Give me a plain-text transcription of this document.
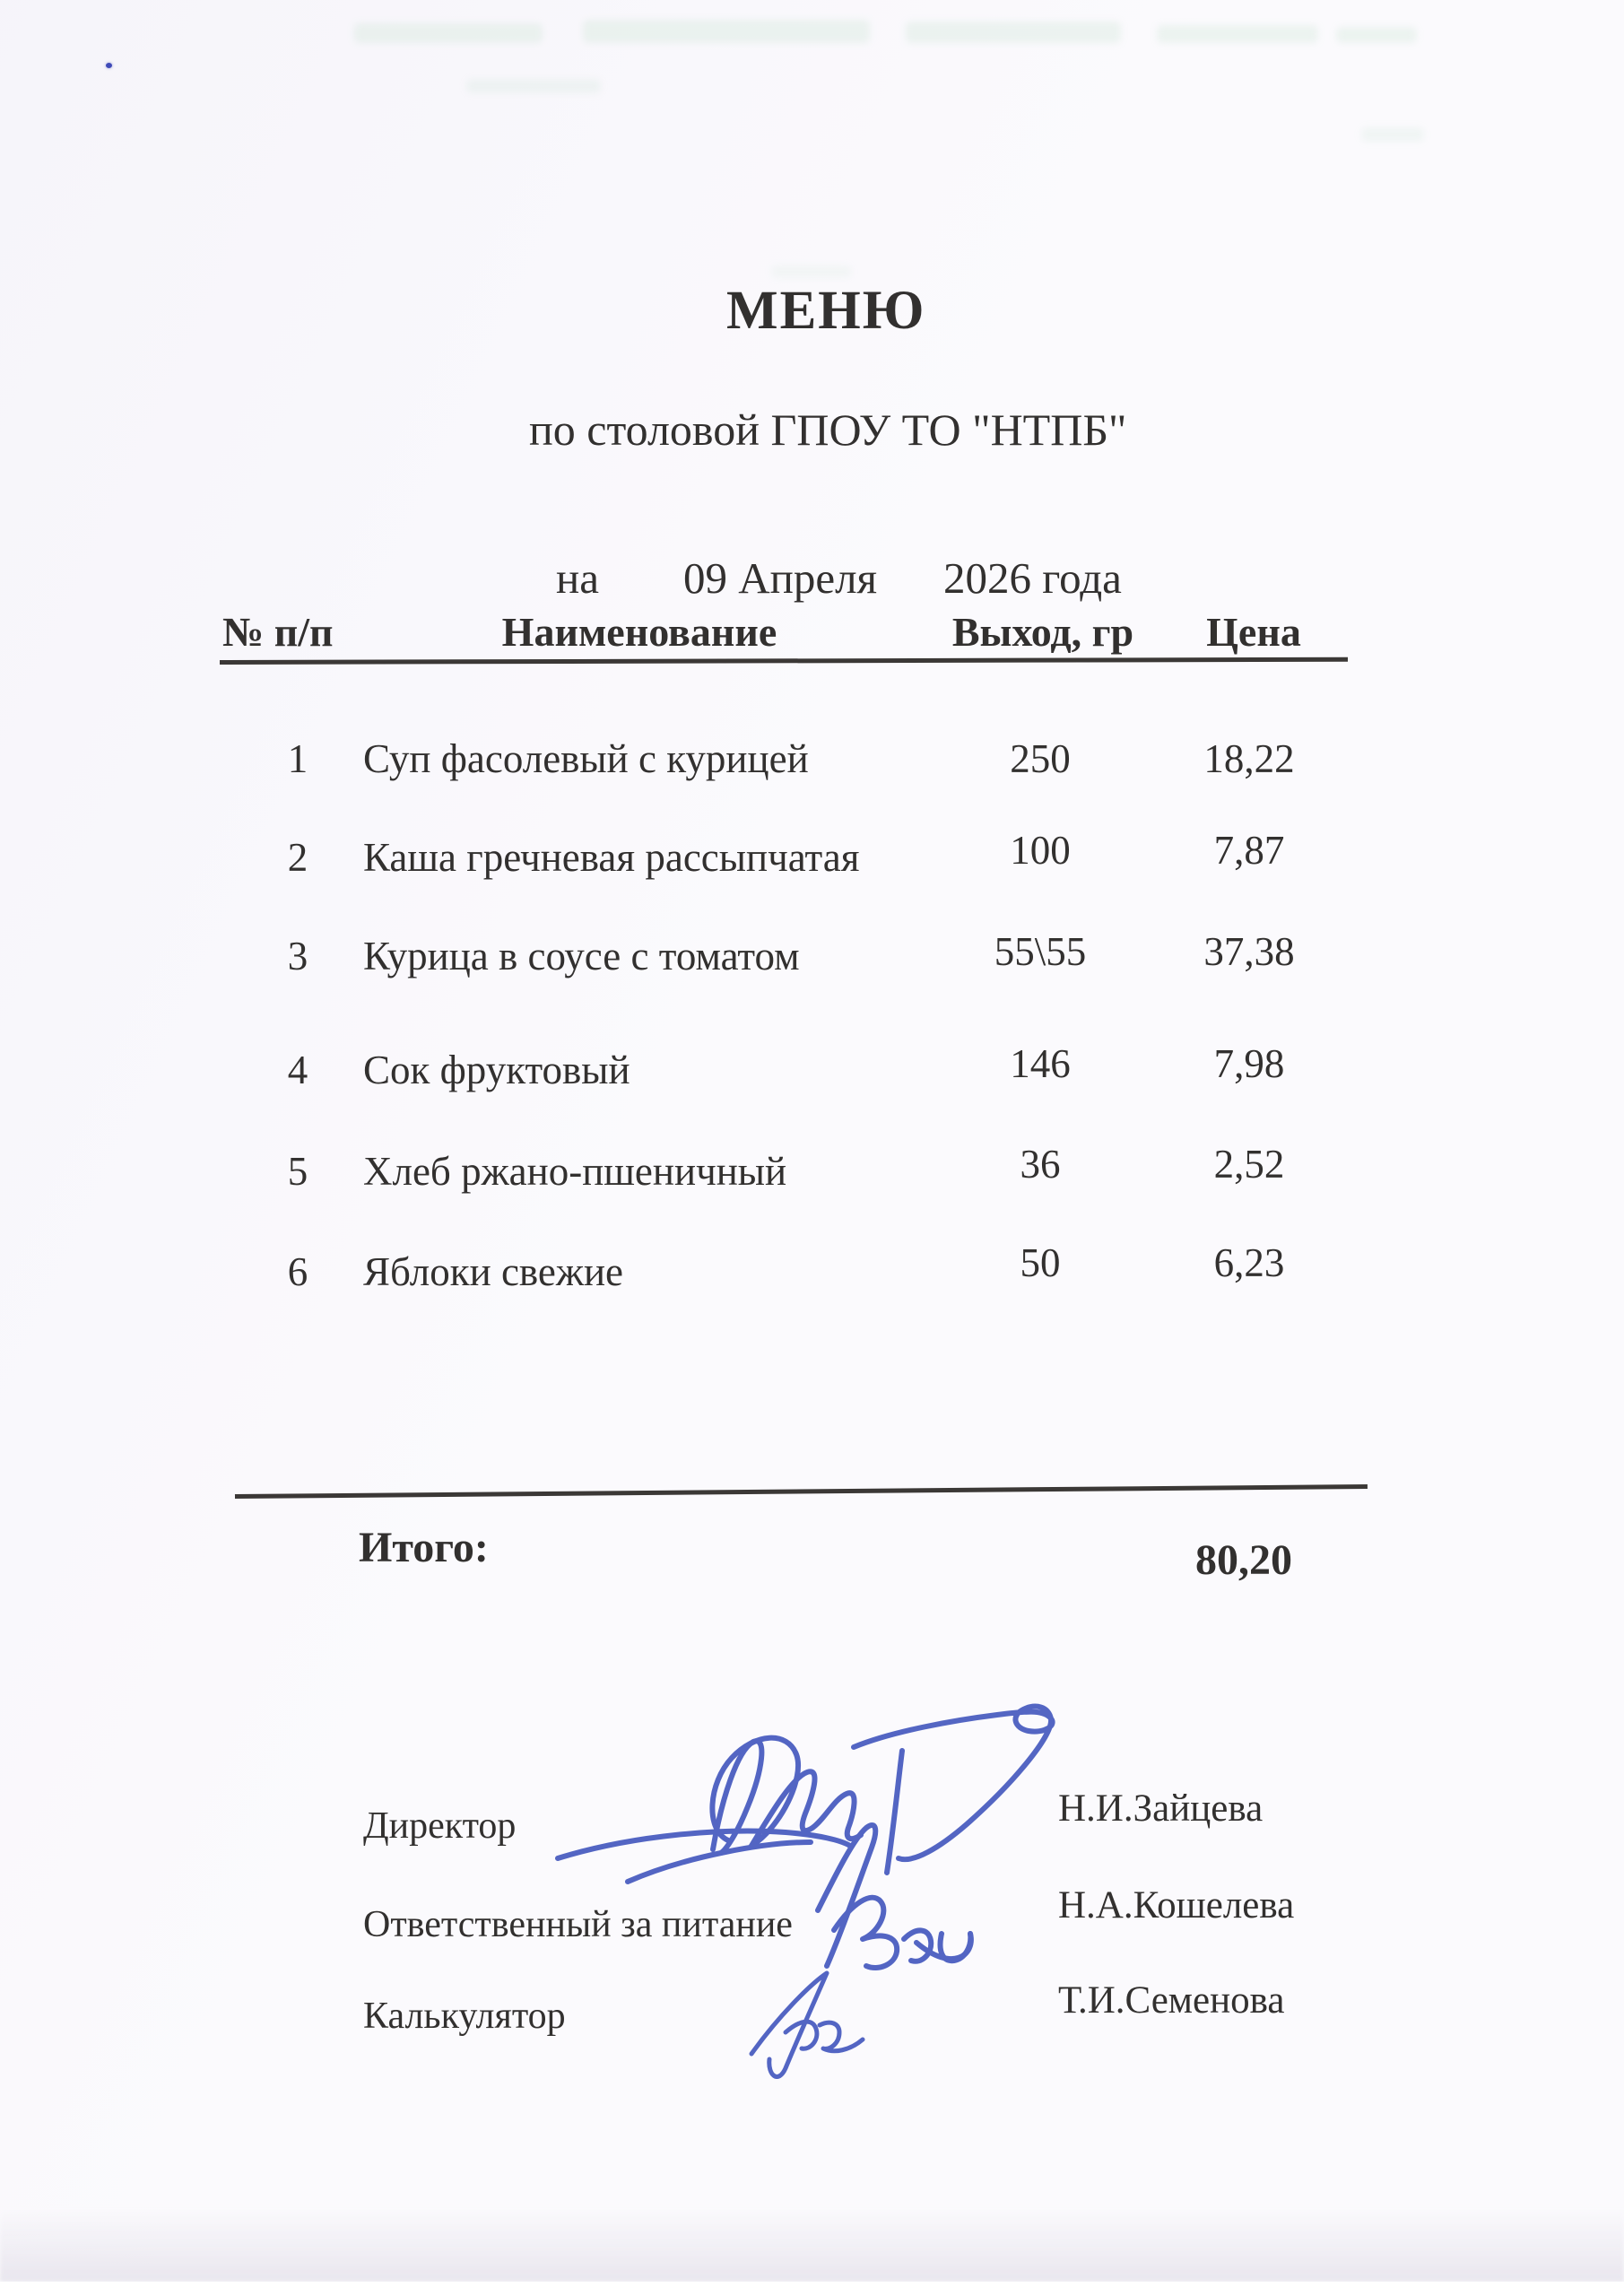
МЕНЮ
по столовой ГПОУ ТО "НТПБ"
на 09 Апреля 2026 года
№ п/п	Наименование	Выход, гр Цена
1 Суп фасолевый с курицей	250	18,22
2 Каша гречневая рассыпчатая	100	7,87
3 Курица в соусе с томатом	55\55	37,38
4 Сок фруктовый	146	7,98
5 Хлеб ржано-пшеничный	36	2,52
6 Яблоки свежие	50	6,23
Итого:	80,20
Директор	Н.И.Зайцева
Ответственный за питание	Н.А.Кошелева
Калькулятор	Т.И.Семенова
